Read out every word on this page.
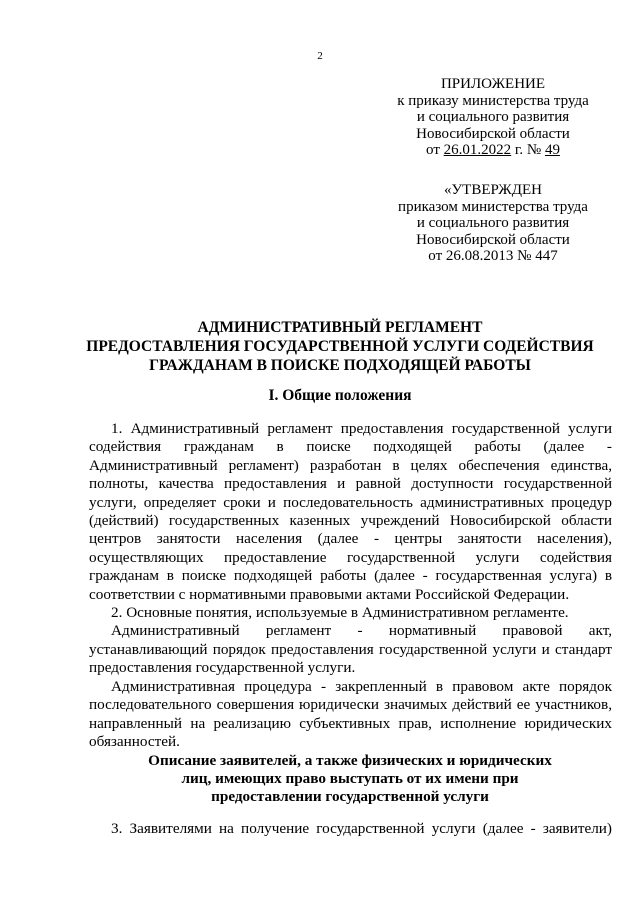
2
ПРИЛОЖЕНИЕ
к приказу министерства труда
и социального развития
Новосибирской области
от 26.01.2022 г. № 49
«УТВЕРЖДЕН
приказом министерства труда
и социального развития
Новосибирской области
от 26.08.2013 № 447
АДМИНИСТРАТИВНЫЙ РЕГЛАМЕНТ
ПРЕДОСТАВЛЕНИЯ ГОСУДАРСТВЕННОЙ УСЛУГИ СОДЕЙСТВИЯ
ГРАЖДАНАМ В ПОИСКЕ ПОДХОДЯЩЕЙ РАБОТЫ
I. Общие положения

1. Административный регламент предоставления государственной услуги содействия гражданам в поиске подходящей работы (далее - Административный регламент) разработан в целях обеспечения единства, полноты, качества предоставления и равной доступности государственной услуги, определяет сроки и последовательность административных процедур (действий) государственных казенных учреждений Новосибирской области центров занятости населения (далее - центры занятости населения), осуществляющих предоставление государственной услуги содействия гражданам в поиске подходящей работы (далее - государственная услуга) в соответствии с нормативными правовыми актами Российской Федерации.

2. Основные понятия, используемые в Административном регламенте.

Административный регламент - нормативный правовой акт, устанавливающий порядок предоставления государственной услуги и стандарт предоставления государственной услуги.

Административная процедура - закрепленный в правовом акте порядок последовательного совершения юридически значимых действий ее участников, направленный на реализацию субъективных прав, исполнение юридических обязанностей.

Описание заявителей, а также физических и юридических
лиц, имеющих право выступать от их имени при
предоставлении государственной услуги

3. Заявителями на получение государственной услуги (далее - заявители)
